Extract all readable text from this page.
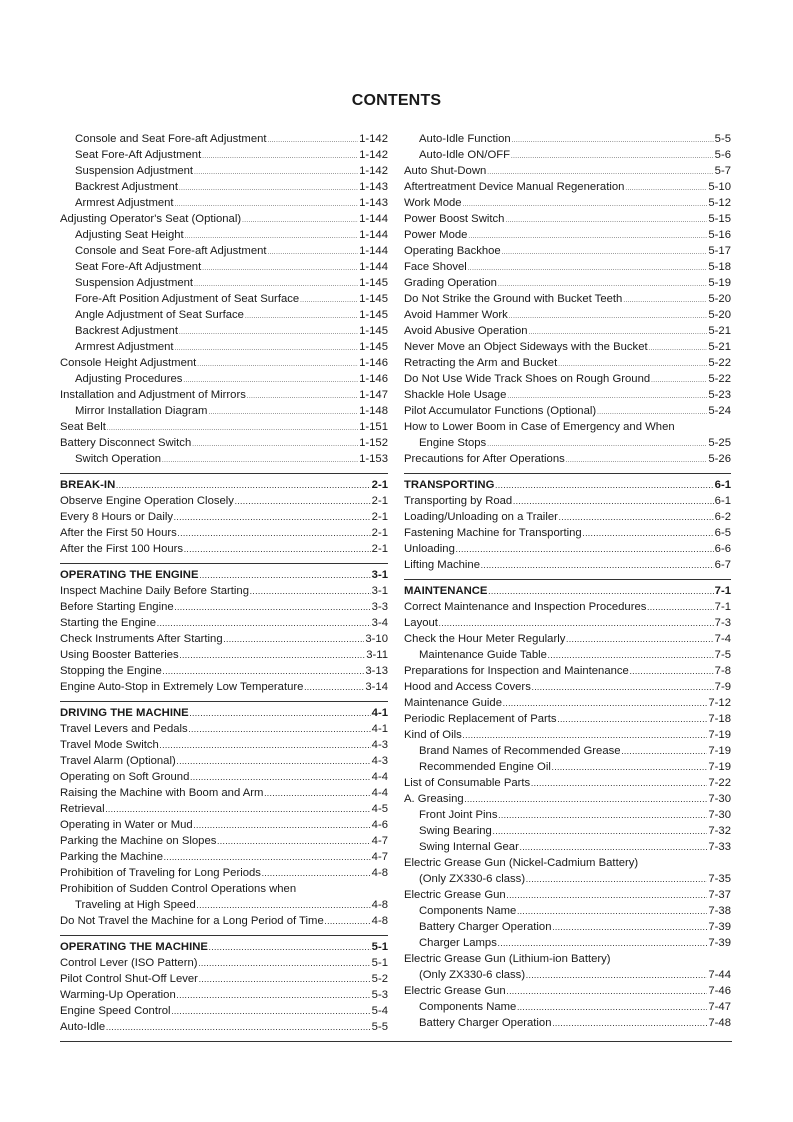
CONTENTS
Console and Seat Fore-aft Adjustment . . .	1-142
Seat Fore-Aft Adjustment . . .	1-142
Suspension Adjustment . . .	1-142
Backrest Adjustment . . .	1-143
Armrest Adjustment . . .	1-143
Adjusting Operator's Seat (Optional) . . .	1-144
Adjusting Seat Height . . .	1-144
Console and Seat Fore-aft Adjustment . . .	1-144
Seat Fore-Aft Adjustment . . .	1-144
Suspension Adjustment . . .	1-145
Fore-Aft Position Adjustment of Seat Surface . . .	1-145
Angle Adjustment of Seat Surface . . .	1-145
Backrest Adjustment . . .	1-145
Armrest Adjustment . . .	1-145
Console Height Adjustment . . .	1-146
Adjusting Procedures . . .	1-146
Installation and Adjustment of Mirrors . . .	1-147
Mirror Installation Diagram . . .	1-148
Seat Belt . . .	1-151
Battery Disconnect Switch . . .	1-152
Switch Operation . . .	1-153
BREAK-IN . . .	2-1
Observe Engine Operation Closely . . .	2-1
Every 8 Hours or Daily . . .	2-1
After the First 50 Hours . . .	2-1
After the First 100 Hours . . .	2-1
OPERATING THE ENGINE . . .	3-1
Inspect Machine Daily Before Starting . . .	3-1
Before Starting Engine . . .	3-3
Starting the Engine . . .	3-4
Check Instruments After Starting . . .	3-10
Using Booster Batteries . . .	3-11
Stopping the Engine . . .	3-13
Engine Auto-Stop in Extremely Low Temperature . . .	3-14
DRIVING THE MACHINE . . .	4-1
Travel Levers and Pedals . . .	4-1
Travel Mode Switch . . .	4-3
Travel Alarm (Optional) . . .	4-3
Operating on Soft Ground . . .	4-4
Raising the Machine with Boom and Arm . . .	4-4
Retrieval . . .	4-5
Operating in Water or Mud . . .	4-6
Parking the Machine on Slopes . . .	4-7
Parking the Machine . . .	4-7
Prohibition of Traveling for Long Periods . . .	4-8
Prohibition of Sudden Control Operations when
Traveling at High Speed . . .	4-8
Do Not Travel the Machine for a Long Period of Time . . .	4-8
OPERATING THE MACHINE . . .	5-1
Control Lever (ISO Pattern) . . .	5-1
Pilot Control Shut-Off Lever . . .	5-2
Warming-Up Operation . . .	5-3
Engine Speed Control . . .	5-4
Auto-Idle . . .	5-5
Auto-Idle Function . . .	5-5
Auto-Idle ON/OFF . . .	5-6
Auto Shut-Down . . .	5-7
Aftertreatment Device Manual Regeneration . . .	5-10
Work Mode . . .	5-12
Power Boost Switch . . .	5-15
Power Mode . . .	5-16
Operating Backhoe . . .	5-17
Face Shovel . . .	5-18
Grading Operation . . .	5-19
Do Not Strike the Ground with Bucket Teeth . . .	5-20
Avoid Hammer Work . . .	5-20
Avoid Abusive Operation . . .	5-21
Never Move an Object Sideways with the Bucket . . .	5-21
Retracting the Arm and Bucket . . .	5-22
Do Not Use Wide Track Shoes on Rough Ground . . .	5-22
Shackle Hole Usage . . .	5-23
Pilot Accumulator Functions (Optional) . . .	5-24
How to Lower Boom in Case of Emergency and When
Engine Stops . . .	5-25
Precautions for After Operations . . .	5-26
TRANSPORTING . . .	6-1
Transporting by Road . . .	6-1
Loading/Unloading on a Trailer . . .	6-2
Fastening Machine for Transporting . . .	6-5
Unloading . . .	6-6
Lifting Machine . . .	6-7
MAINTENANCE . . .	7-1
Correct Maintenance and Inspection Procedures . . .	7-1
Layout . . .	7-3
Check the Hour Meter Regularly . . .	7-4
Maintenance Guide Table . . .	7-5
Preparations for Inspection and Maintenance . . .	7-8
Hood and Access Covers . . .	7-9
Maintenance Guide . . .	7-12
Periodic Replacement of Parts . . .	7-18
Kind of Oils . . .	7-19
Brand Names of Recommended Grease . . .	7-19
Recommended Engine Oil . . .	7-19
List of Consumable Parts . . .	7-22
A. Greasing . . .	7-30
Front Joint Pins . . .	7-30
Swing Bearing . . .	7-32
Swing Internal Gear . . .	7-33
Electric Grease Gun (Nickel-Cadmium Battery)
(Only ZX330-6 class) . . .	7-35
Electric Grease Gun . . .	7-37
Components Name . . .	7-38
Battery Charger Operation . . .	7-39
Charger Lamps . . .	7-39
Electric Grease Gun (Lithium-ion Battery)
(Only ZX330-6 class) . . .	7-44
Electric Grease Gun . . .	7-46
Components Name . . .	7-47
Battery Charger Operation . . .	7-48
